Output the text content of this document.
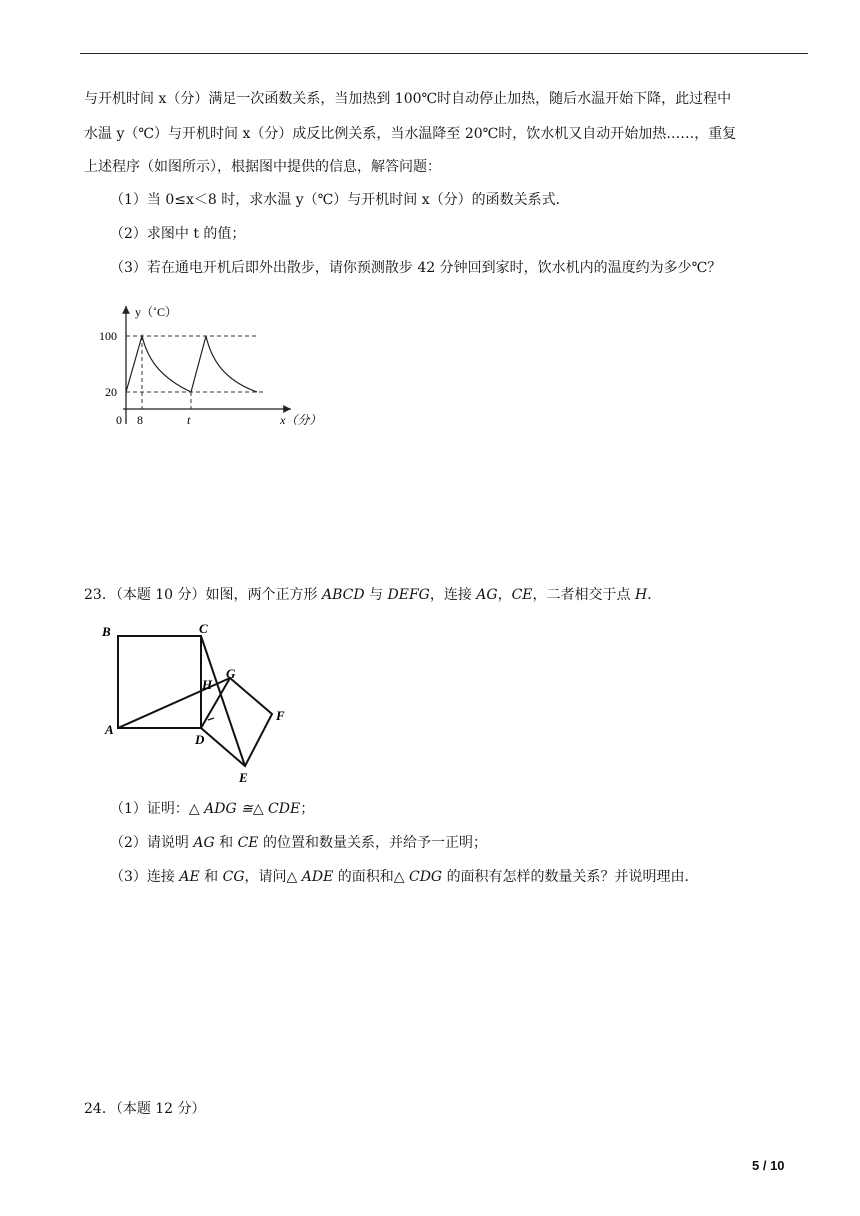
与开机时间 x（分）满足一次函数关系，当加热到 100℃时自动停止加热，随后水温开始下降，此过程中
水温 y（℃）与开机时间 x（分）成反比例关系，当水温降至 20℃时，饮水机又自动开始加热……，重复
上述程序（如图所示），根据图中提供的信息，解答问题：
（1）当 0≤x＜8 时，求水温 y（℃）与开机时间 x（分）的函数关系式．
（2）求图中 t 的值；
（3）若在通电开机后即外出散步，请你预测散步 42 分钟回到家时，饮水机内的温度约为多少℃？
y（˚C）
100
20
0 8	t	x（分）
23．（本题 10 分）如图，两个正方形 ABCD 与 DEFG，连接 AG，CE，二者相交于点 H．
B	C
H
G
A
D
F
E
（1）证明：△ ADG ≅△ CDE；
（2）请说明 AG 和 CE 的位置和数量关系，并给予一正明；
（3）连接 AE 和 CG，请问△ ADE 的面积和△ CDG 的面积有怎样的数量关系？并说明理由．
24．（本题 12 分）
5 / 10
